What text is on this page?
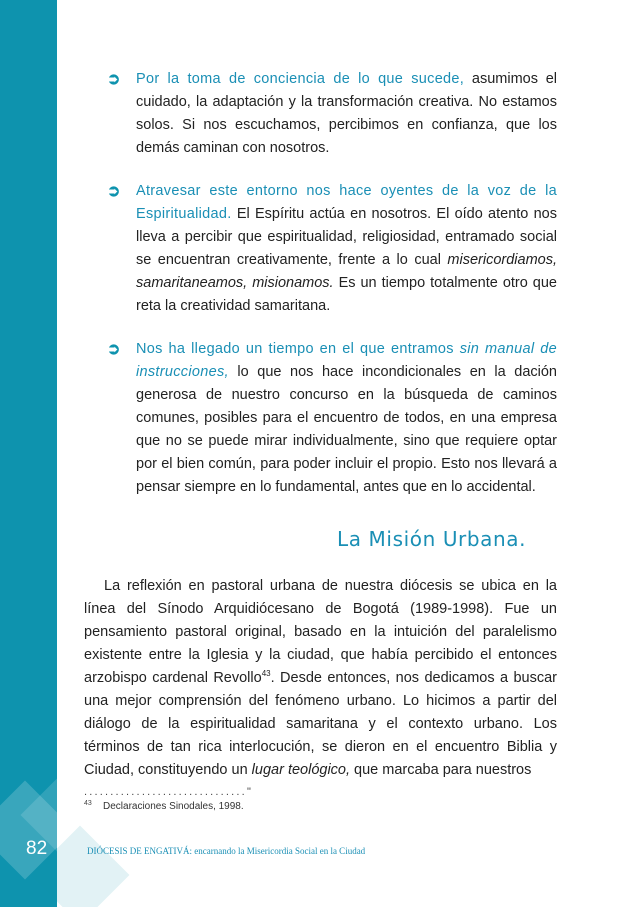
82
➲ Por la toma de conciencia de lo que sucede, asumimos el cuidado, la adaptación y la transformación creativa. No estamos solos. Si nos escuchamos, percibimos en confianza, que los demás caminan con nosotros.

➲ Atravesar este entorno nos hace oyentes de la voz de la Espiritualidad. El Espíritu actúa en nosotros. El oído atento nos lleva a percibir que espiritualidad, religiosidad, entramado social se encuentran creativamente, frente a lo cual misericordiamos, samaritaneamos, misionamos. Es un tiempo totalmente otro que reta la creatividad samaritana.

➲ Nos ha llegado un tiempo en el que entramos sin manual de instrucciones, lo que nos hace incondicionales en la dación generosa de nuestro concurso en la búsqueda de caminos comunes, posibles para el encuentro de todos, en una empresa que no se puede mirar individualmente, sino que requiere optar por el bien común, para poder incluir el propio. Esto nos llevará a pensar siempre en lo fundamental, antes que en lo accidental.

La Misión Urbana.

La reflexión en pastoral urbana de nuestra diócesis se ubica en la línea del Sínodo Arquidiócesano de Bogotá (1989-1998). Fue un pensamiento pastoral original, basado en la intuición del paralelismo existente entre la Iglesia y la ciudad, que había percibido el entonces arzobispo cardenal Revollo$^{43}$. Desde entonces, nos dedicamos a buscar una mejor comprensión del fenómeno urbano. Lo hicimos a partir del diálogo de la espiritualidad samaritana y el contexto urbano. Los términos de tan rica interlocución, se dieron en el encuentro Biblia y Ciudad, constituyendo un lugar teológico, que marcaba para nuestros

..............................."
43 Declaraciones Sinodales, 1998.
DIÓCESIS DE ENGATIVÁ: encarnando la Misericordia Social en la Ciudad
